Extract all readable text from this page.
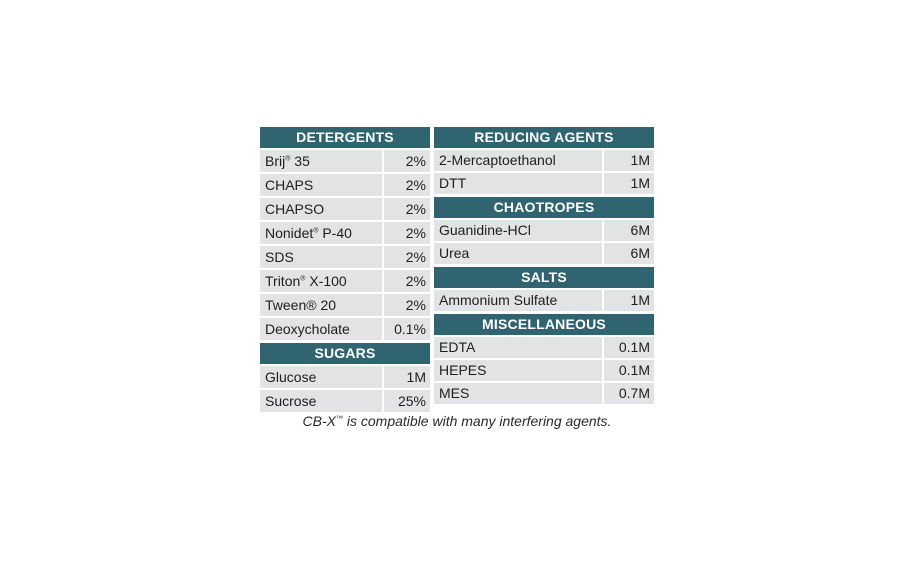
DETERGENTS
Brij® 35	2%
CHAPS	2%
CHAPSO	2%
Nonidet® P-40	2%
SDS	2%
Triton® X-100	2%
Tween® 20	2%
Deoxycholate	0.1%
SUGARS
Glucose	1M
Sucrose	25%
REDUCING AGENTS
2-Mercaptoethanol	1M
DTT	1M
CHAOTROPES
Guanidine-HCl	6M
Urea	6M
SALTS
Ammonium Sulfate	1M
MISCELLANEOUS
EDTA	0.1M
HEPES	0.1M
MES	0.7M
CB-X™ is compatible with many interfering agents.
